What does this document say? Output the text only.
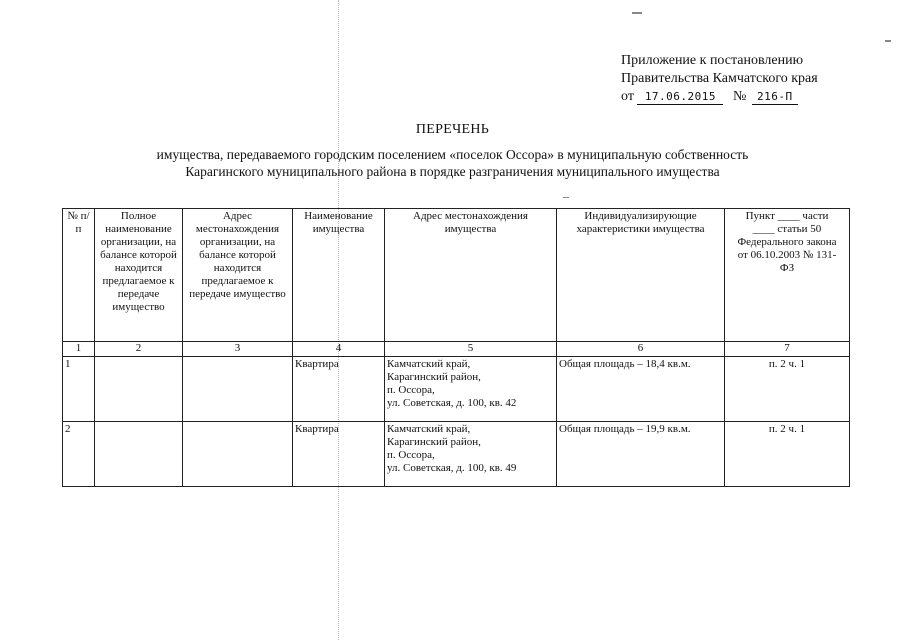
Приложение к постановлению
Правительства Камчатского края
от 17.06.2015 № 216-П
ПЕРЕЧЕНЬ
имущества, передаваемого городским поселением «поселок Оссора» в муниципальную собственность
Карагинского муниципального района в порядке разграничения муниципального имущества
№ п/п	Полное наименование организации, на балансе которой находится предлагаемое к передаче имущество	Адрес местонахождения организации, на балансе которой находится предлагаемое к передаче имущество	Наименование имущества	Адрес местонахождения имущества	Индивидуализирующие характеристики имущества	Пункт ____ части ____ статьи 50 Федерального закона от 06.10.2003 № 131-ФЗ
1	2	3	4	5	6	7
1			Квартира	Камчатский край,
Карагинский район,
п. Оссора,
ул. Советская, д. 100, кв. 42	Общая площадь – 18,4 кв.м.	п. 2 ч. 1
2			Квартира	Камчатский край,
Карагинский район,
п. Оссора,
ул. Советская, д. 100, кв. 49	Общая площадь – 19,9 кв.м.	п. 2 ч. 1
